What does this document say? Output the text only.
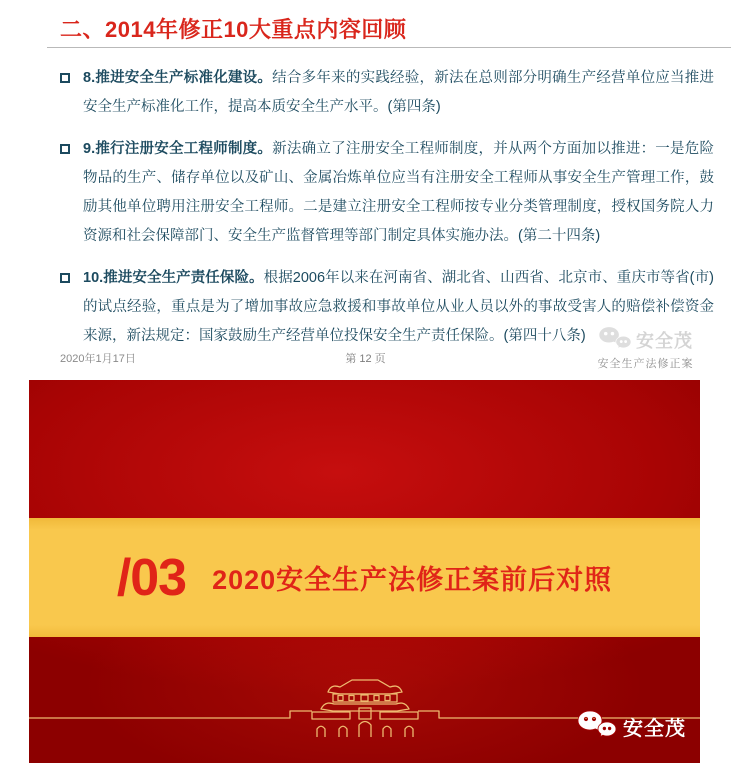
二、2014年修正10大重点内容回顾

8.推进安全生产标准化建设。结合多年来的实践经验，新法在总则部分明确生产经营单位应当推进安全生产标准化工作，提高本质安全生产水平。(第四条)

9.推行注册安全工程师制度。新法确立了注册安全工程师制度，并从两个方面加以推进：一是危险物品的生产、储存单位以及矿山、金属冶炼单位应当有注册安全工程师从事安全生产管理工作，鼓励其他单位聘用注册安全工程师。二是建立注册安全工程师按专业分类管理制度，授权国务院人力资源和社会保障部门、安全生产监督管理等部门制定具体实施办法。(第二十四条)

10.推进安全生产责任保险。根据2006年以来在河南省、湖北省、山西省、北京市、重庆市等省(市)的试点经验，重点是为了增加事故应急救援和事故单位从业人员以外的事故受害人的赔偿补偿资金来源，新法规定：国家鼓励生产经营单位投保安全生产责任保险。(第四十八条)

2020年1月17日	第 12 页
安全茂
安全生产法修正案
/03 2020安全生产法修正案前后对照
安全茂
